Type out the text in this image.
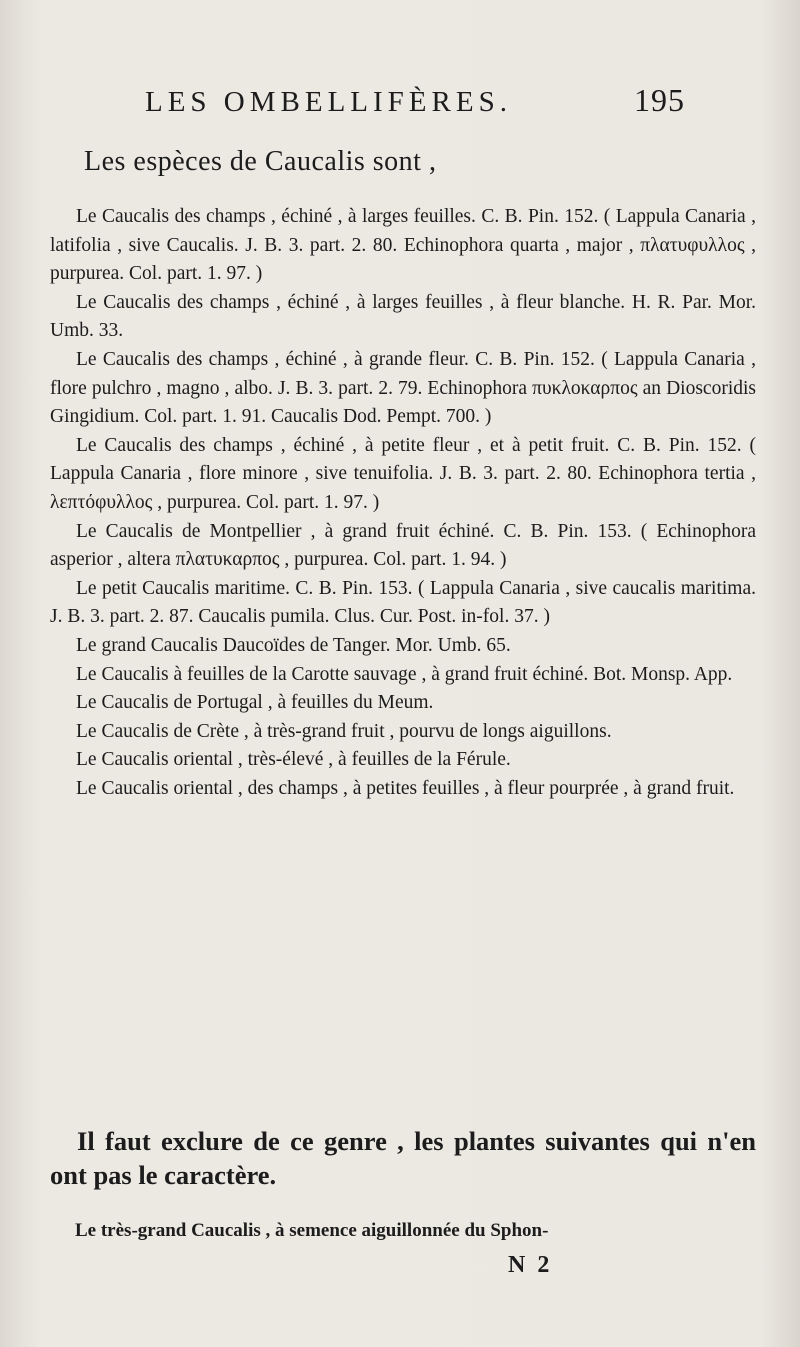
LES OMBELLIFÈRES.	195
Les espèces de Caucalis sont ,

Le Caucalis des champs , échiné , à larges feuilles. C. B. Pin. 152. ( Lappula Canaria , latifolia , sive Caucalis. J. B. 3. part. 2. 80. Echinophora quarta , major , πλατυφυλλος , purpurea. Col. part. 1. 97. )

Le Caucalis des champs , échiné , à larges feuilles , à fleur blanche. H. R. Par. Mor. Umb. 33.

Le Caucalis des champs , échiné , à grande fleur. C. B. Pin. 152. ( Lappula Canaria , flore pulchro , magno , albo. J. B. 3. part. 2. 79. Echinophora πυκλοκαρπος an Dioscoridis Gingidium. Col. part. 1. 91. Caucalis Dod. Pempt. 700. )

Le Caucalis des champs , échiné , à petite fleur , et à petit fruit. C. B. Pin. 152. ( Lappula Canaria , flore minore , sive tenuifolia. J. B. 3. part. 2. 80. Echinophora tertia , λεπτόφυλλος , purpurea. Col. part. 1. 97. )

Le Caucalis de Montpellier , à grand fruit échiné. C. B. Pin. 153. ( Echinophora asperior , altera πλατυκαρπος , purpurea. Col. part. 1. 94. )

Le petit Caucalis maritime. C. B. Pin. 153. ( Lappula Canaria , sive caucalis maritima. J. B. 3. part. 2. 87. Caucalis pumila. Clus. Cur. Post. in-fol. 37. )

Le grand Caucalis Daucoïdes de Tanger. Mor. Umb. 65.

Le Caucalis à feuilles de la Carotte sauvage , à grand fruit échiné. Bot. Monsp. App.

Le Caucalis de Portugal , à feuilles du Meum.

Le Caucalis de Crète , à très-grand fruit , pourvu de longs aiguillons.

Le Caucalis oriental , très-élevé , à feuilles de la Férule.

Le Caucalis oriental , des champs , à petites feuilles , à fleur pourprée , à grand fruit.

Il faut exclure de ce genre , les plantes suivantes qui n'en ont pas le caractère.
Le très-grand Caucalis , à semence aiguillonnée du Sphon-
N 2
